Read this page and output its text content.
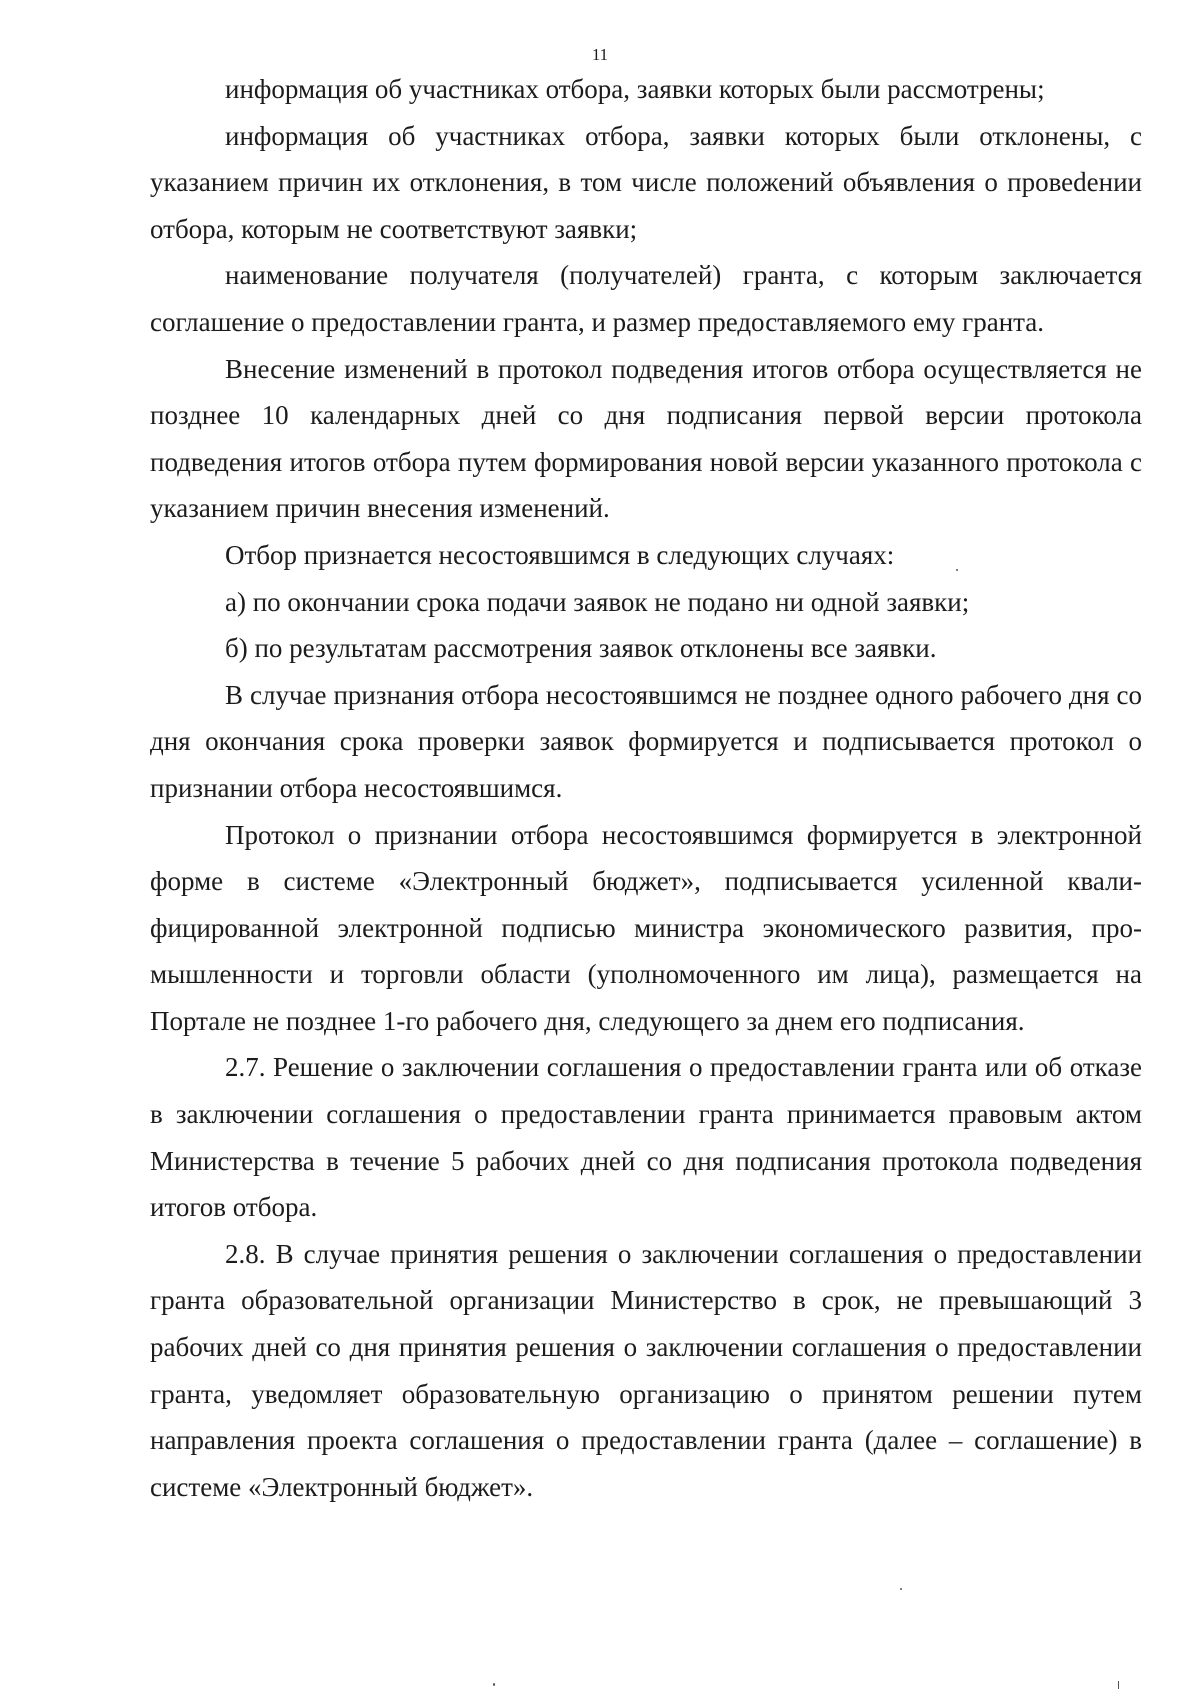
11

информация об участниках отбора, заявки которых были рассмотрены;

информация об участниках отбора, заявки которых были отклонены, с указанием причин их отклонения, в том числе положений объявления о провеdении отбора, которым не соответствуют заявки;

наименование получателя (получателей) гранта, с которым заключается соглашение о предоставлении гранта, и размер предоставляемого ему гранта.

Внесение изменений в протокол подведения итогов отбора осуществляется не позднее 10 календарных дней со дня подписания первой версии протокола подведения итогов отбора путем формирования новой версии указанного протокола с указанием причин внесения изменений.

Отбор признается несостоявшимся в следующих случаях:

а) по окончании срока подачи заявок не подано ни одной заявки;

б) по результатам рассмотрения заявок отклонены все заявки.

В случае признания отбора несостоявшимся не позднее одного рабочего дня со дня окончания срока проверки заявок формируется и подписывается протокол о признании отбора несостоявшимся.

Протокол о признании отбора несостоявшимся формируется в электронной форме в системе «Электронный бюджет», подписывается усиленной квалифицированной электронной подписью министра экономического развития, промышленности и торговли области (уполномоченного им лица), размещается на Портале не позднее 1-го рабочего дня, следующего за днем его подписания.

2.7. Решение о заключении соглашения о предоставлении гранта или об отказе в заключении соглашения о предоставлении гранта принимается правовым актом Министерства в течение 5 рабочих дней со дня подписания протокола подведения итогов отбора.

2.8. В случае принятия решения о заключении соглашения о предоставлении гранта образовательной организации Министерство в срок, не превышающий 3 рабочих дней со дня принятия решения о заключении соглашения о предоставлении гранта, уведомляет образовательную организацию о принятом решении путем направления проекта соглашения о предоставлении гранта (далее – соглашение) в системе «Электронный бюджет».
